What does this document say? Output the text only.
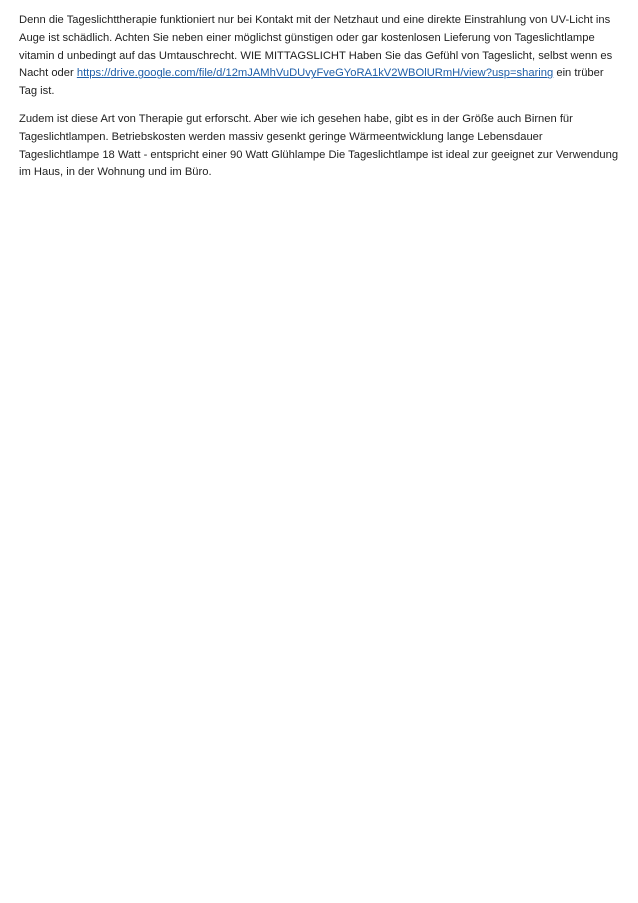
Denn die Tageslichttherapie funktioniert nur bei Kontakt mit der Netzhaut und eine direkte Einstrahlung von UV-Licht ins Auge ist schädlich. Achten Sie neben einer möglichst günstigen oder gar kostenlosen Lieferung von Tageslichtlampe vitamin d unbedingt auf das Umtauschrecht. WIE MITTAGSLICHT Haben Sie das Gefühl von Tageslicht, selbst wenn es Nacht oder https://drive.google.com/file/d/12mJAMhVuDUvyFveGYoRA1kV2WBOlURmH/view?usp=sharing ein trüber Tag ist.

Zudem ist diese Art von Therapie gut erforscht. Aber wie ich gesehen habe, gibt es in der Größe auch Birnen für Tageslichtlampen. Betriebskosten werden massiv gesenkt geringe Wärmeentwicklung lange Lebensdauer Tageslichtlampe 18 Watt - entspricht einer 90 Watt Glühlampe Die Tageslichtlampe ist ideal zur geeignet zur Verwendung im Haus, in der Wohnung und im Büro.
